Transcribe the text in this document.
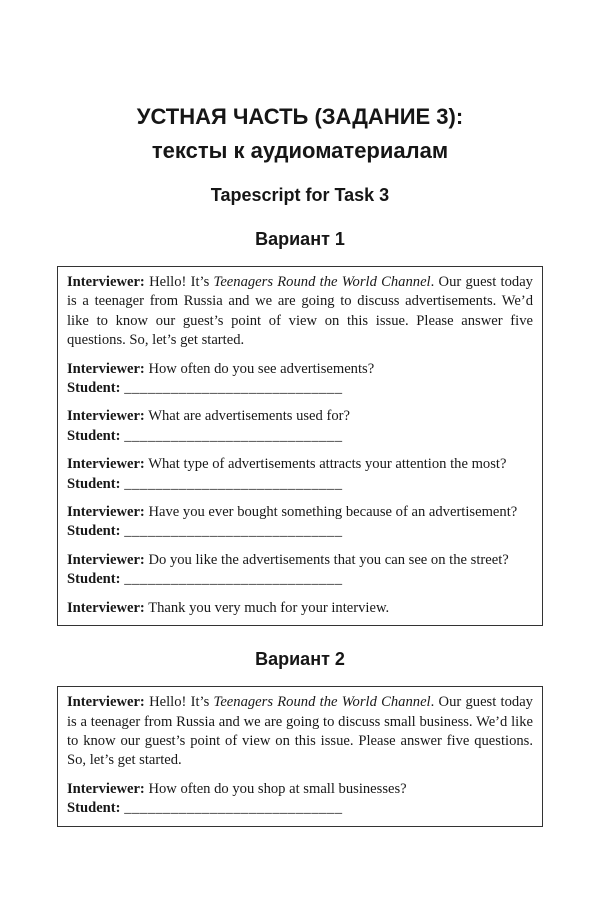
УСТНАЯ ЧАСТЬ (ЗАДАНИЕ 3):
тексты к аудиоматериалам
Tapescript for Task 3
Вариант 1

Interviewer: Hello! It’s Teenagers Round the World Channel. Our guest today is a teenager from Russia and we are going to discuss advertisements. We’d like to know our guest’s point of view on this issue. Please answer five questions. So, let’s get started.

Interviewer: How often do you see advertisements?
Student: ____________________________

Interviewer: What are advertisements used for?
Student: ____________________________

Interviewer: What type of advertisements attracts your attention the most?
Student: ____________________________

Interviewer: Have you ever bought something because of an advertisement?
Student: ____________________________

Interviewer: Do you like the advertisements that you can see on the street?
Student: ____________________________

Interviewer: Thank you very much for your interview.

Вариант 2

Interviewer: Hello! It’s Teenagers Round the World Channel. Our guest today is a teenager from Russia and we are going to discuss small business. We’d like to know our guest’s point of view on this issue. Please answer five questions. So, let’s get started.

Interviewer: How often do you shop at small businesses?
Student: ____________________________
